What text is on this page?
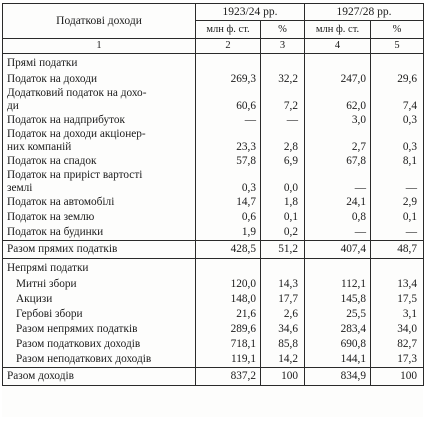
Податкові доходи	1923/24 рр.		1927/28 рр.	
	млн ф. ст.	%	млн ф. ст.	%
1	2	3	4	5
Прямі податки				
Податок на доходи	269,3	32,2	247,0	29,6
Додатковий податок на дохо-
ди	60,6	7,2	62,0	7,4
Податок на надприбуток	—	—	3,0	0,3
Податок на доходи акціонер-
них компаній	23,3	2,8	2,7	0,3
Податок на спадок	57,8	6,9	67,8	8,1
Податок на приріст вартості
землі	0,3	0,0	—	—
Податок на автомобілі	14,7	1,8	24,1	2,9
Податок на землю	0,6	0,1	0,8	0,1
Податок на будинки	1,9	0,2	—	—
Разом прямих податків	428,5	51,2	407,4	48,7
Непрямі податки				
Митні збори	120,0	14,3	112,1	13,4
Акцизи	148,0	17,7	145,8	17,5
Гербові збори	21,6	2,6	25,5	3,1
Разом непрямих податків	289,6	34,6	283,4	34,0
Разом податкових доходів	718,1	85,8	690,8	82,7
Разом неподаткових доходів	119,1	14,2	144,1	17,3
Разом доходів	837,2	100	834,9	100
